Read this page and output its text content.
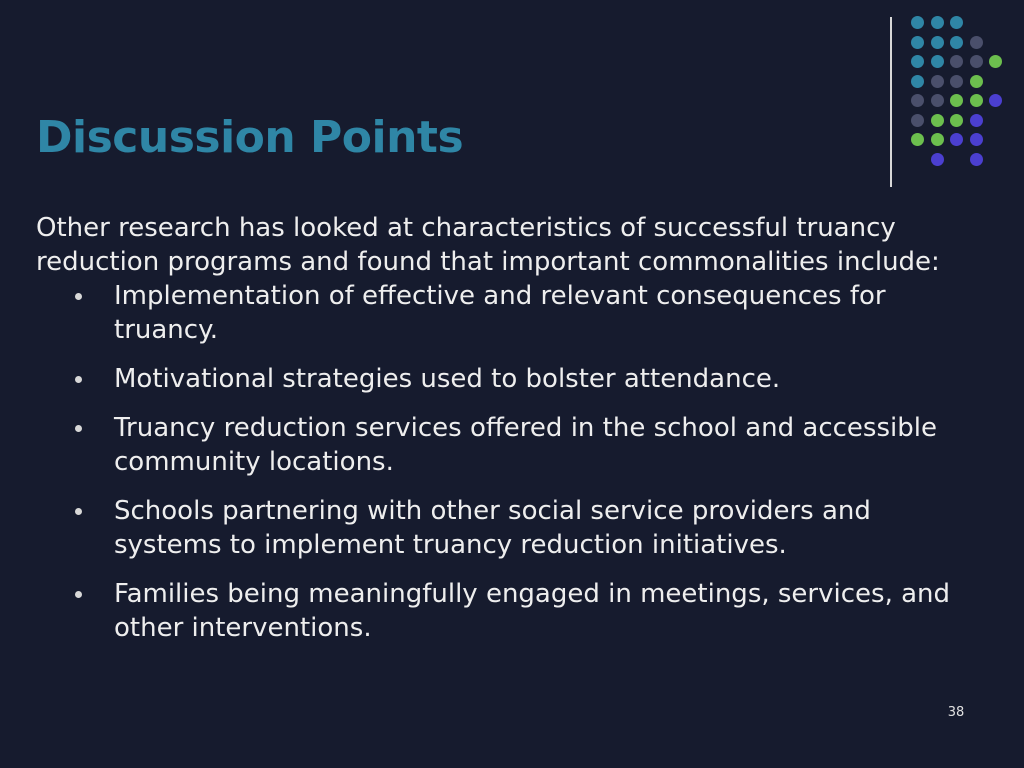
Discussion Points

Other research has looked at characteristics of successful truancy reduction programs and found that important commonalities include:

Implementation of effective and relevant consequences for truancy.
Motivational strategies used to bolster attendance.
Truancy reduction services offered in the school and accessible community locations.
Schools partnering with other social service providers and systems to implement truancy reduction initiatives.
Families being meaningfully engaged in meetings, services, and other interventions.
38
